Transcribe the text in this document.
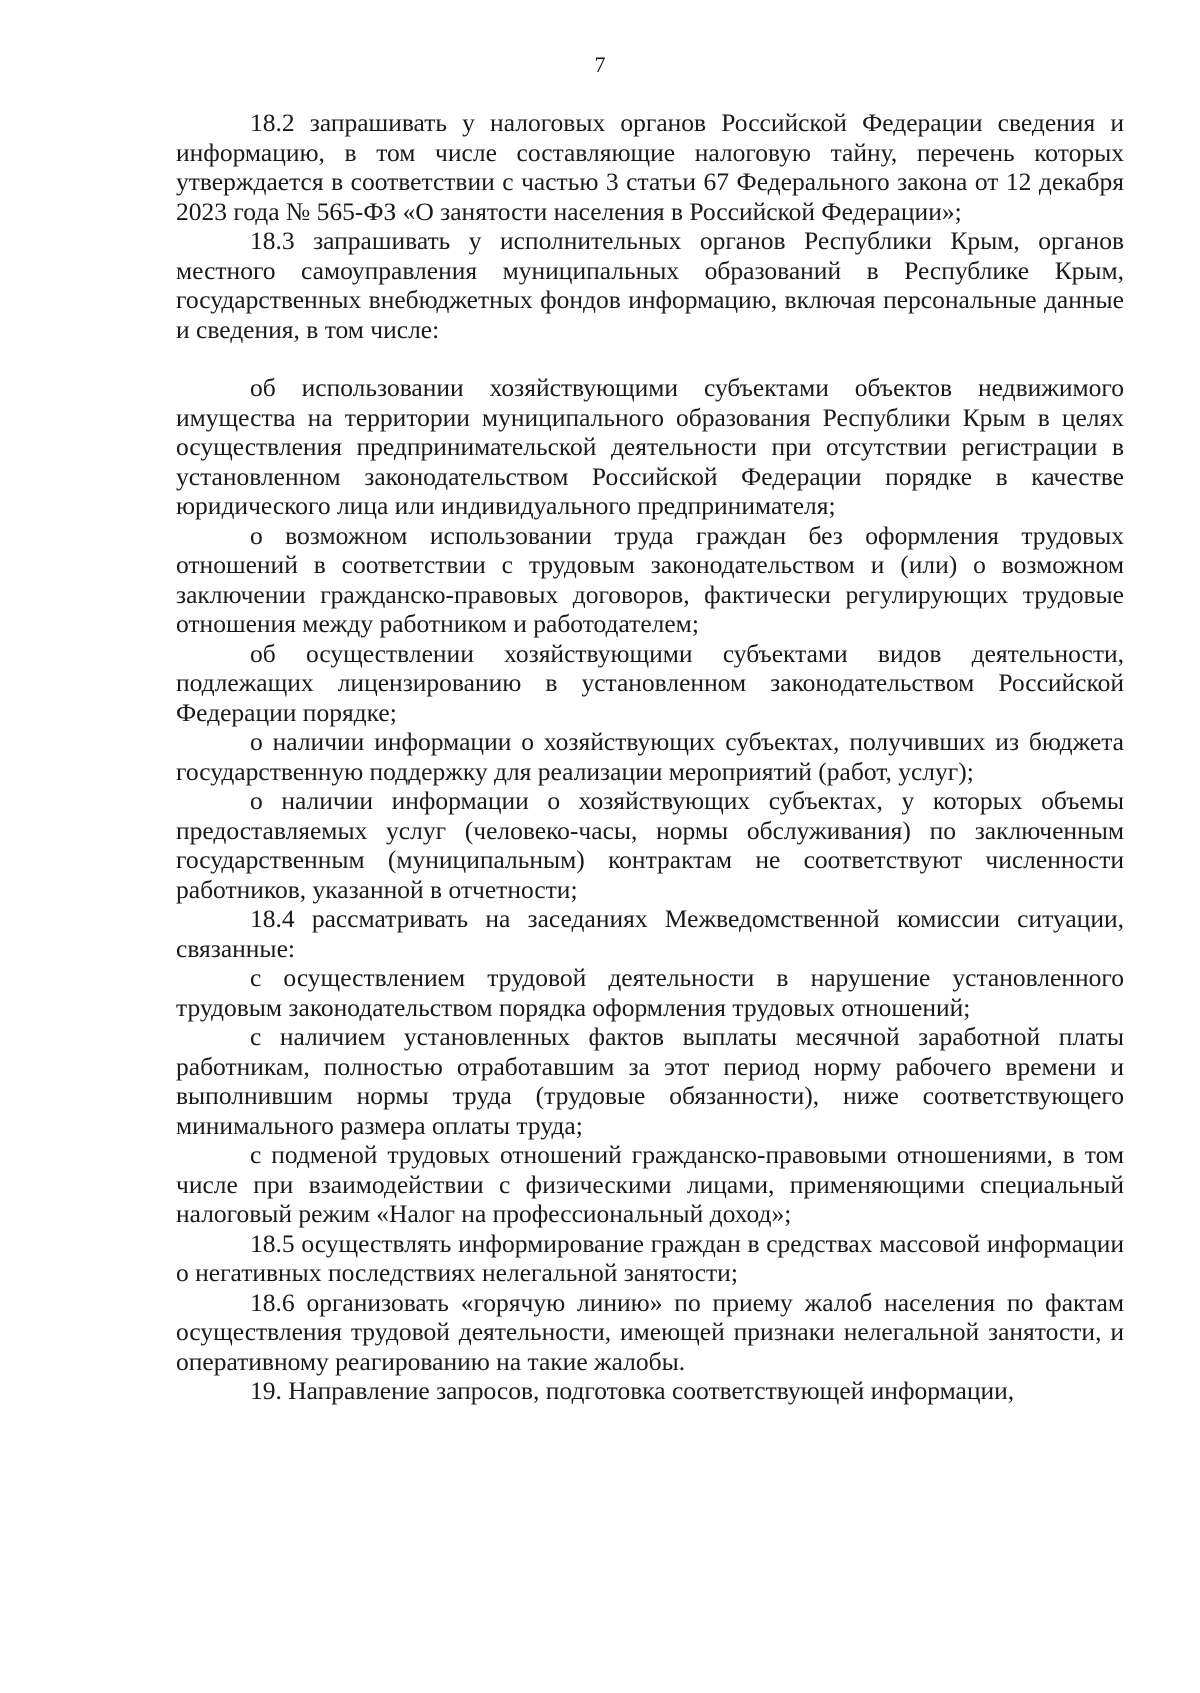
7

18.2 запрашивать у налоговых органов Российской Федерации сведения и информацию, в том числе составляющие налоговую тайну, перечень которых утверждается в соответствии с частью 3 статьи 67 Федерального закона от 12 декабря 2023 года № 565-ФЗ «О занятости населения в Российской Федерации»;

18.3 запрашивать у исполнительных органов Республики Крым, органов местного самоуправления муниципальных образований в Республике Крым, государственных внебюджетных фондов информацию, включая персональные данные и сведения, в том числе:

об использовании хозяйствующими субъектами объектов недвижимого имущества на территории муниципального образования Республики Крым в целях осуществления предпринимательской деятельности при отсутствии регистрации в установленном законодательством Российской Федерации порядке в качестве юридического лица или индивидуального предпринимателя;

о возможном использовании труда граждан без оформления трудовых отношений в соответствии с трудовым законодательством и (или) о возможном заключении гражданско-правовых договоров, фактически регулирующих трудовые отношения между работником и работодателем;

об осуществлении хозяйствующими субъектами видов деятельности, подлежащих лицензированию в установленном законодательством Российской Федерации порядке;

о наличии информации о хозяйствующих субъектах, получивших из бюджета государственную поддержку для реализации мероприятий (работ, услуг);

о наличии информации о хозяйствующих субъектах, у которых объемы предоставляемых услуг (человеко-часы, нормы обслуживания) по заключенным государственным (муниципальным) контрактам не соответствуют численности работников, указанной в отчетности;

18.4 рассматривать на заседаниях Межведомственной комиссии ситуации, связанные:

с осуществлением трудовой деятельности в нарушение установленного трудовым законодательством порядка оформления трудовых отношений;

с наличием установленных фактов выплаты месячной заработной платы работникам, полностью отработавшим за этот период норму рабочего времени и выполнившим нормы труда (трудовые обязанности), ниже соответствующего минимального размера оплаты труда;

с подменой трудовых отношений гражданско-правовыми отношениями, в том числе при взаимодействии с физическими лицами, применяющими специальный налоговый режим «Налог на профессиональный доход»;

18.5 осуществлять информирование граждан в средствах массовой информации о негативных последствиях нелегальной занятости;

18.6 организовать «горячую линию» по приему жалоб населения по фактам осуществления трудовой деятельности, имеющей признаки нелегальной занятости, и оперативному реагированию на такие жалобы.

19. Направление запросов, подготовка соответствующей информации,
